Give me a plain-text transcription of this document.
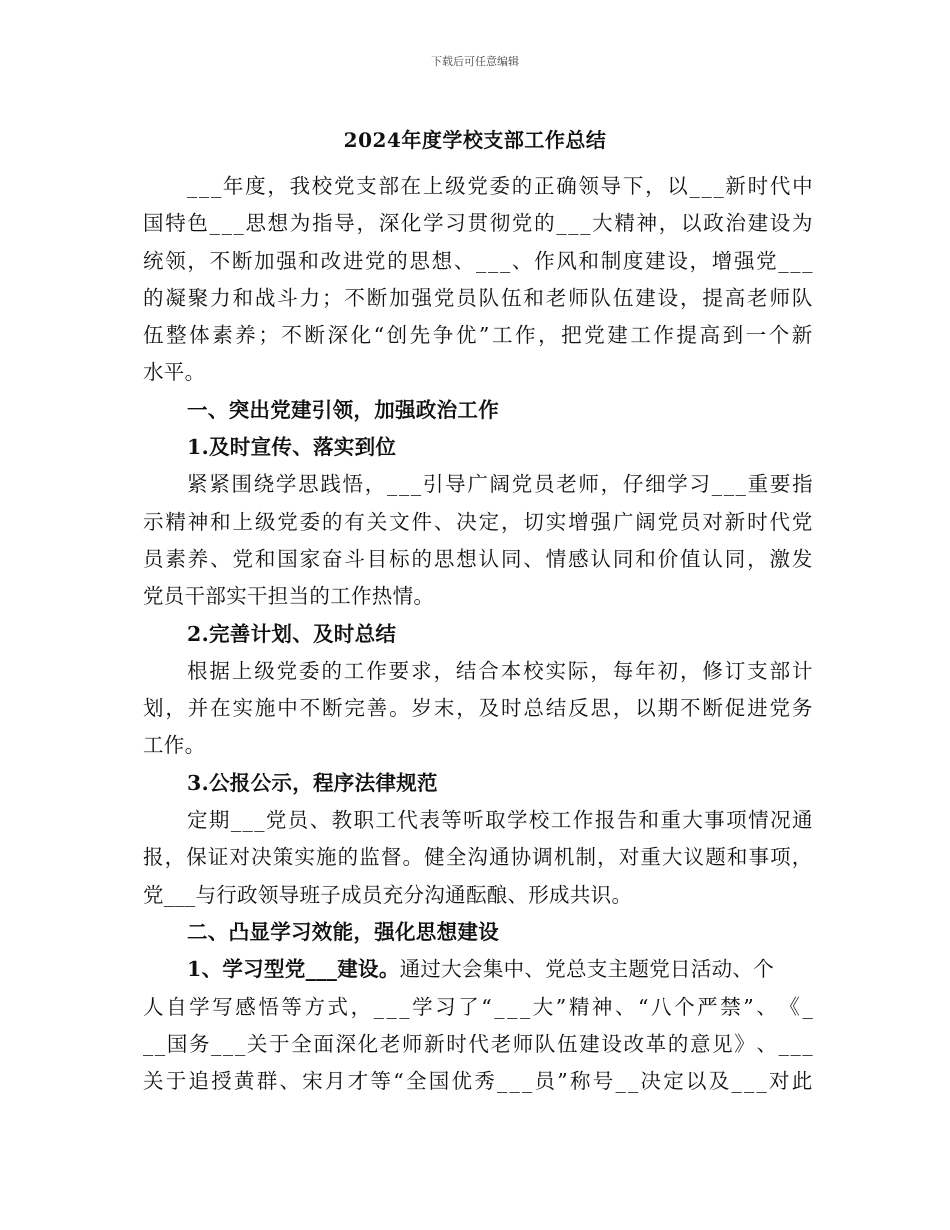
下载后可任意编辑
2024年度学校支部工作总结
_ _ _ 年 度 ， 我 校 党 支 部 在 上 级 党 委 的 正 确 领 导 下 ， 以 _ _ _ 新 时 代 中
国 特 色 _ _ _ 思 想 为 指 导 ， 深 化 学 习 贯 彻 党 的 _ _ _ 大 精 神 ， 以 政 治 建 设 为
统 领 ， 不 断 加 强 和 改 进 党 的 思 想 、 _ _ _ 、 作 风 和 制 度 建 设 ， 增 强 党 _ _ _
的 凝 聚 力 和 战 斗 力 ； 不 断 加 强 党 员 队 伍 和 老 师 队 伍 建 设 ， 提 高 老 师 队
伍 整 体 素 养 ； 不 断 深 化 “ 创 先 争 优 ” 工 作 ， 把 党 建 工 作 提 高 到 一 个 新
水平。
一、突出党建引领，加强政治工作
1.及时宣传、落实到位
紧 紧 围 绕 学 思 践 悟 ， _ _ _ 引 导 广 阔 党 员 老 师 ， 仔 细 学 习 _ _ _ 重 要 指
示 精 神 和 上 级 党 委 的 有 关 文 件 、 决 定 ， 切 实 增 强 广 阔 党 员 对 新 时 代 党
员 素 养 、 党 和 国 家 奋 斗 目 标 的 思 想 认 同 、 情 感 认 同 和 价 值 认 同 ， 激 发
党员干部实干担当的工作热情。
2.完善计划、及时总结
根 据 上 级 党 委 的 工 作 要 求 ， 结 合 本 校 实 际 ， 每 年 初 ， 修 订 支 部 计
划 ， 并 在 实 施 中 不 断 完 善 。 岁 末 ， 及 时 总 结 反 思 ， 以 期 不 断 促 进 党 务
工作。
3.公报公示，程序法律规范
定 期 _ _ _ 党 员 、 教 职 工 代 表 等 听 取 学 校 工 作 报 告 和 重 大 事 项 情 况 通
报 ， 保 证 对 决 策 实 施 的 监 督 。 健 全 沟 通 协 调 机 制 ， 对 重 大 议 题 和 事 项 ，
党___与行政领导班子成员充分沟通酝酿、形成共识。
二、凸显学习效能，强化思想建设
1、学习型党___建设。 通过大会集中、党总支主题党日活动、个
人 自 学 写 感 悟 等 方 式 ， _ _ _ 学 习 了 “ _ _ _ 大 ” 精 神 、 “ 八 个 严 禁 ” 、 《 _
_ _ 国 务 _ _ _ 关 于 全 面 深 化 老 师 新 时 代 老 师 队 伍 建 设 改 革 的 意 见 》 、 _ _ _
关 于 追 授 黄 群 、 宋 月 才 等 “ 全 国 优 秀 _ _ _ 员 ” 称 号 _ _ 决 定 以 及 _ _ _ 对 此
